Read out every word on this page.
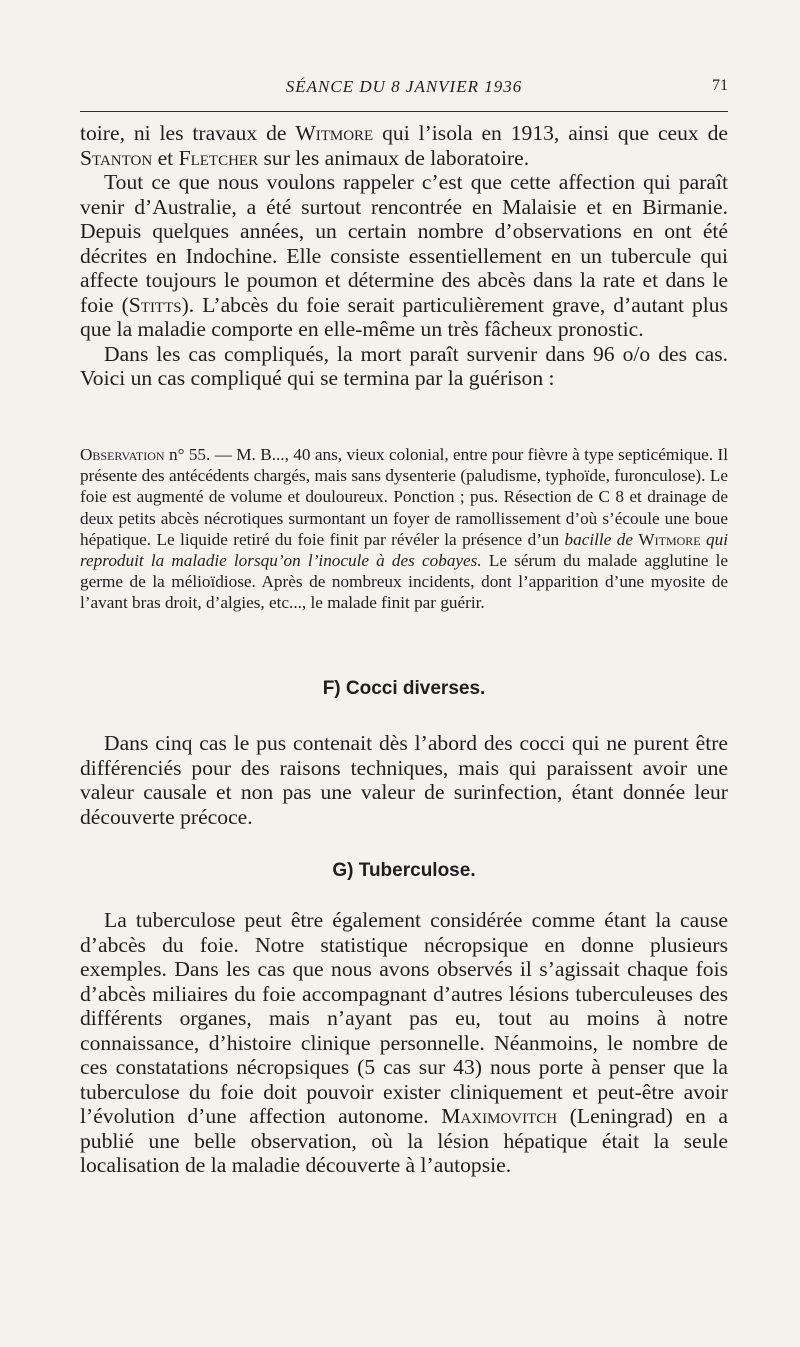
SÉANCE DU 8 JANVIER 1936	71

toire, ni les travaux de Witmore qui l’isola en 1913, ainsi que ceux de Stanton et Fletcher sur les animaux de laboratoire.

Tout ce que nous voulons rappeler c’est que cette affection qui paraît venir d’Australie, a été surtout rencontrée en Malaisie et en Birmanie. Depuis quelques années, un certain nombre d’observations en ont été décrites en Indochine. Elle consiste essentiellement en un tubercule qui affecte toujours le poumon et détermine des abcès dans la rate et dans le foie (Stitts). L’abcès du foie serait particulièrement grave, d’autant plus que la maladie comporte en elle-même un très fâcheux pronostic.

Dans les cas compliqués, la mort paraît survenir dans 96 o/o des cas. Voici un cas compliqué qui se termina par la guérison :

Observation n° 55. — M. B..., 40 ans, vieux colonial, entre pour fièvre à type septicémique. Il présente des antécédents chargés, mais sans dysenterie (paludisme, typhoïde, furonculose). Le foie est augmenté de volume et douloureux. Ponction ; pus. Résection de C 8 et drainage de deux petits abcès nécrotiques surmontant un foyer de ramollissement d’où s’écoule une boue hépatique. Le liquide retiré du foie finit par révéler la présence d’un bacille de Witmore qui reproduit la maladie lorsqu’on l’inocule à des cobayes. Le sérum du malade agglutine le germe de la mélioïdiose. Après de nombreux incidents, dont l’apparition d’une myosite de l’avant bras droit, d’algies, etc..., le malade finit par guérir.

F) Cocci diverses.

Dans cinq cas le pus contenait dès l’abord des cocci qui ne purent être différenciés pour des raisons techniques, mais qui paraissent avoir une valeur causale et non pas une valeur de surinfection, étant donnée leur découverte précoce.

G) Tuberculose.

La tuberculose peut être également considérée comme étant la cause d’abcès du foie. Notre statistique nécropsique en donne plusieurs exemples. Dans les cas que nous avons observés il s’agissait chaque fois d’abcès miliaires du foie accompagnant d’autres lésions tuberculeuses des différents organes, mais n’ayant pas eu, tout au moins à notre connaissance, d’histoire clinique personnelle. Néanmoins, le nombre de ces constatations nécropsiques (5 cas sur 43) nous porte à penser que la tuberculose du foie doit pouvoir exister cliniquement et peut-être avoir l’évolution d’une affection autonome. Maximovitch (Leningrad) en a publié une belle observation, où la lésion hépatique était la seule localisation de la maladie découverte à l’autopsie.
